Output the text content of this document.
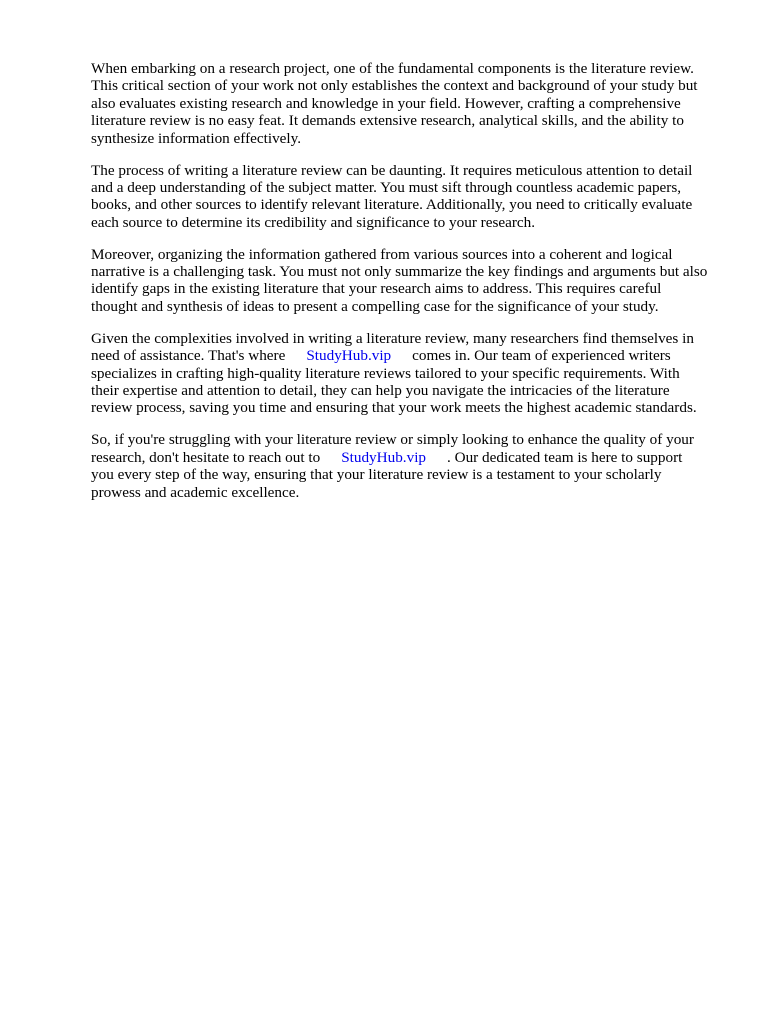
When embarking on a research project, one of the fundamental components is the literature review.
This critical section of your work not only establishes the context and background of your study but
also evaluates existing research and knowledge in your field. However, crafting a comprehensive
literature review is no easy feat. It demands extensive research, analytical skills, and the ability to
synthesize information effectively.

The process of writing a literature review can be daunting. It requires meticulous attention to detail
and a deep understanding of the subject matter. You must sift through countless academic papers,
books, and other sources to identify relevant literature. Additionally, you need to critically evaluate
each source to determine its credibility and significance to your research.

Moreover, organizing the information gathered from various sources into a coherent and logical
narrative is a challenging task. You must not only summarize the key findings and arguments but also
identify gaps in the existing literature that your research aims to address. This requires careful
thought and synthesis of ideas to present a compelling case for the significance of your study.

Given the complexities involved in writing a literature review, many researchers find themselves in
need of assistance. That's where StudyHub.vip comes in. Our team of experienced writers
specializes in crafting high-quality literature reviews tailored to your specific requirements. With
their expertise and attention to detail, they can help you navigate the intricacies of the literature
review process, saving you time and ensuring that your work meets the highest academic standards.

So, if you're struggling with your literature review or simply looking to enhance the quality of your
research, don't hesitate to reach out to StudyHub.vip . Our dedicated team is here to support
you every step of the way, ensuring that your literature review is a testament to your scholarly
prowess and academic excellence.
